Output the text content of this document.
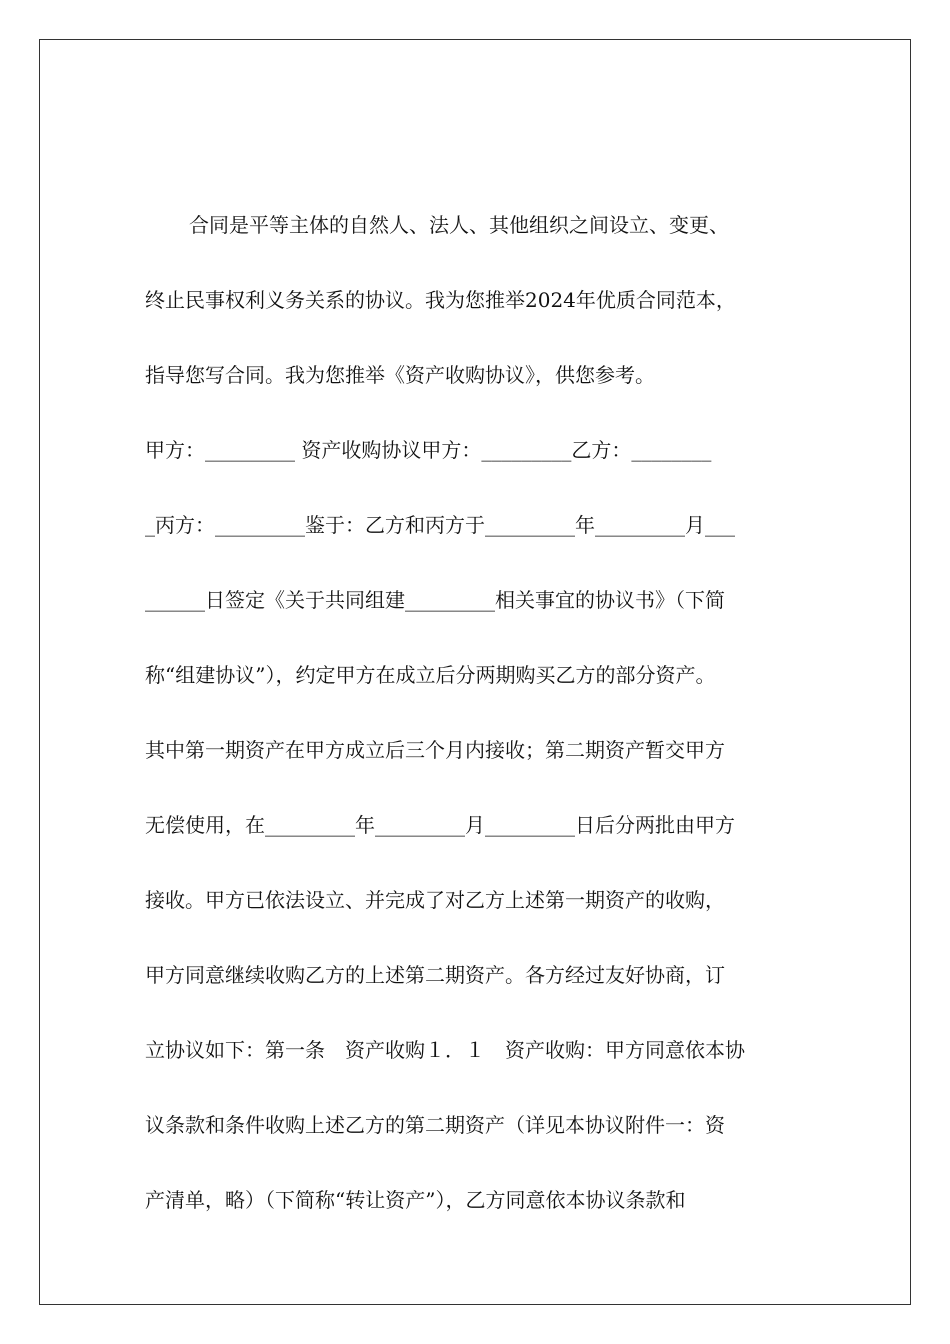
合同是平等主体的自然人、法人、其他组织之间设立、变更、
终止民事权利义务关系的协议。我为您推举2024年优质合同范本，
指导您写合同。我为您推举《资产收购协议》，供您参考。
甲方：_________ 资产收购协议甲方：_________乙方：________
_丙方：_________鉴于：乙方和丙方于_________年_________月___
______日签定《关于共同组建_________相关事宜的协议书》（下简
称“组建协议”），约定甲方在成立后分两期购买乙方的部分资产。
其中第一期资产在甲方成立后三个月内接收；第二期资产暂交甲方
无偿使用，在_________年_________月_________日后分两批由甲方
接收。甲方已依法设立、并完成了对乙方上述第一期资产的收购，
甲方同意继续收购乙方的上述第二期资产。各方经过友好协商，订
立协议如下：第一条　资产收购１．１　资产收购：甲方同意依本协
议条款和条件收购上述乙方的第二期资产（详见本协议附件一：资
产清单，略）（下简称“转让资产”），乙方同意依本协议条款和
